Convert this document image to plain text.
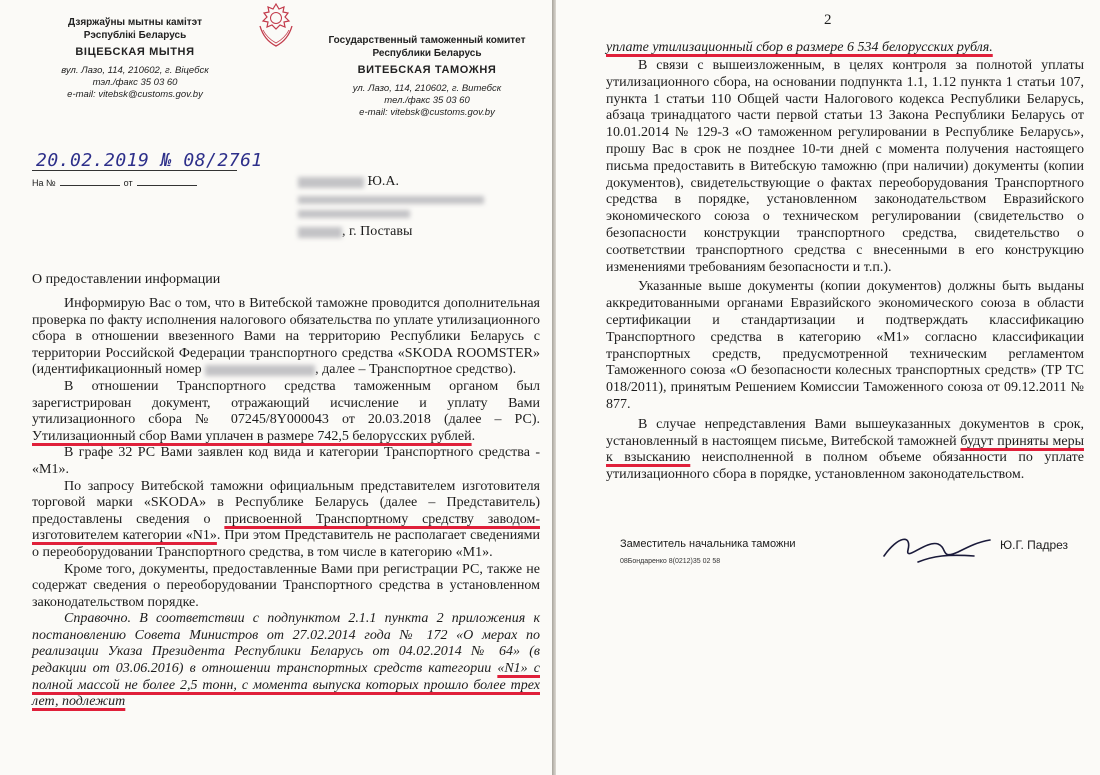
Дзяржаўны мытны камітэт
Рэспублікі Беларусь
ВІЦЕБСКАЯ МЫТНЯ
вул. Лазо, 114, 210602, г. Віцебск
тэл./факс 35 03 60
e-mail: vitebsk@customs.gov.by
Государственный таможенный комитет
Республики Беларусь
ВИТЕБСКАЯ ТАМОЖНЯ
ул. Лазо, 114, 210602, г. Витебск
тел./факс 35 03 60
e-mail: vitebsk@customs.gov.by
20.02.2019 № 08/2761
На №	от
	Ю.А.
, г. Поставы
О предоставлении информации

Информирую Вас о том, что в Витебской таможне проводится дополнительная проверка по факту исполнения налогового обязательства по уплате утилизационного сбора в отношении ввезенного Вами на территорию Республики Беларусь с территории Российской Федерации транспортного средства «SKODA ROOMSTER» (идентификационный номер	, далее – Транспортное средство).

В отношении Транспортного средства таможенным органом был зарегистрирован документ, отражающий исчисление и уплату Вами утилизационного сбора № 07245/8Y000043 от 20.03.2018 (далее – РС). Утилизационный сбор Вами уплачен в размере 742,5 белорусских рублей.

В графе 32 РС Вами заявлен код вида и категории Транспортного средства - «M1».

По запросу Витебской таможни официальным представителем изготовителя торговой марки «SKODA» в Республике Беларусь (далее – Представитель) предоставлены сведения о присвоенной Транспортному средству заводом-изготовителем категории «N1». При этом Представитель не располагает сведениями о переоборудовании Транспортного средства, в том числе в категорию «M1».

Кроме того, документы, предоставленные Вами при регистрации РС, также не содержат сведения о переоборудовании Транспортного средства в установленном законодательством порядке.

Справочно. В соответствии с подпунктом 2.1.1 пункта 2 приложения к постановлению Совета Министров от 27.02.2014 года № 172 «О мерах по реализации Указа Президента Республики Беларусь от 04.02.2014 № 64» (в редакции от 03.06.2016) в отношении транспортных средств категории «N1» с полной массой не более 2,5 тонн, с момента выпуска которых прошло более трех лет, подлежит

2
уплате утилизационный сбор в размере 6 534 белорусских рубля.

В связи с вышеизложенным, в целях контроля за полнотой уплаты утилизационного сбора, на основании подпункта 1.1, 1.12 пункта 1 статьи 107, пункта 1 статьи 110 Общей части Налогового кодекса Республики Беларусь, абзаца тринадцатого части первой статьи 13 Закона Республики Беларусь от 10.01.2014 № 129-З «О таможенном регулировании в Республике Беларусь», прошу Вас в срок не позднее 10-ти дней с момента получения настоящего письма предоставить в Витебскую таможню (при наличии) документы (копии документов), свидетельствующие о фактах переоборудования Транспортного средства в порядке, установленном законодательством Евразийского экономического союза о техническом регулировании (свидетельство о безопасности конструкции транспортного средства, свидетельство о соответствии транспортного средства с внесенными в его конструкцию изменениями требованиям безопасности и т.п.).

Указанные выше документы (копии документов) должны быть выданы аккредитованными органами Евразийского экономического союза в области сертификации и стандартизации и подтверждать классификацию Транспортного средства в категорию «M1» согласно классификации транспортных средств, предусмотренной техническим регламентом Таможенного союза «О безопасности колесных транспортных средств» (ТР ТС 018/2011), принятым Решением Комиссии Таможенного союза от 09.12.2011 № 877.

В случае непредставления Вами вышеуказанных документов в срок, установленный в настоящем письме, Витебской таможней будут приняты меры к взысканию неисполненной в полном объеме обязанности по уплате утилизационного сбора в порядке, установленном законодательством.

Заместитель начальника таможни	Ю.Г. Падрез
08Бондаренко 8(0212)35 02 58
